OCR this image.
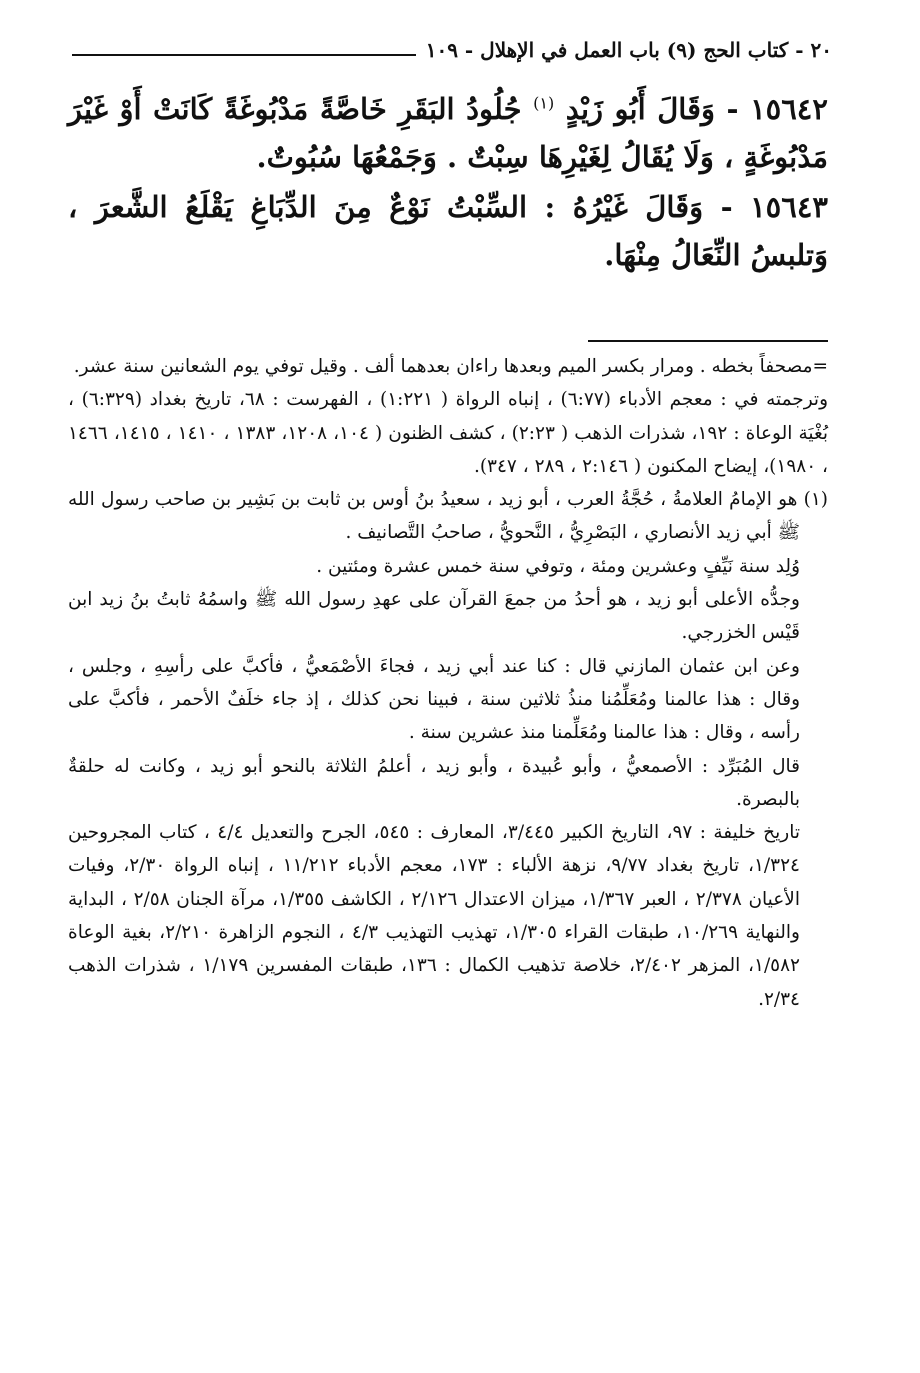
٢٠ - كتاب الحج (٩) باب العمل في الإهلال - ١٠٩

١٥٦٤٢ - وَقَالَ أَبُو زَيْدٍ $^{(١)}$ جُلُودُ البَقَرِ خَاصَّةً مَدْبُوغَةً كَانَتْ أَوْ غَيْرَ مَدْبُوغَةٍ ، وَلَا يُقَالُ لِغَيْرِهَا سِبْتٌ . وَجَمْعُهَا سُبُوتٌ.

١٥٦٤٣ - وَقَالَ غَيْرُهُ : السِّبْتُ نَوْعٌ مِنَ الدِّبَاغِ يَقْلَعُ الشَّعرَ ، وَتلبسُ النِّعَالُ مِنْهَا.

=مصحفاً بخطه . ومرار بكسر الميم وبعدها راءان بعدهما ألف . وقيل توفي يوم الشعانين سنة عشر.

وترجمته في : معجم الأدباء (٦:٧٧) ، إنباه الرواة ( ١:٢٢١) ، الفهرست : ٦٨، تاريخ بغداد (٦:٣٢٩) ، بُغْيَة الوعاة : ١٩٢، شذرات الذهب ( ٢:٢٣) ، كشف الظنون ( ١٠٤، ١٢٠٨، ١٣٨٣ ، ١٤١٠ ، ١٤١٥، ١٤٦٦ ، ١٩٨٠)، إيضاح المكنون ( ٢:١٤٦ ، ٢٨٩ ، ٣٤٧).

(١) هو الإمامُ العلامةُ ، حُجَّةُ العرب ، أبو زيد ، سعيدُ بنُ أوس بن ثابت بن بَشِير بن صاحب رسول الله ﷺ أبي زيد الأنصاري ، البَصْرِيُّ ، النَّحويُّ ، صاحبُ التَّصانيف .

وُلِد سنة نَيِّفٍ وعشرين ومئة ، وتوفي سنة خمس عشرة ومئتين .

وجدُّه الأعلى أبو زيد ، هو أحدُ من جمعَ القرآن على عهدِ رسول الله ﷺ واسمُهُ ثابتُ بنُ زيد ابن قَيْس الخزرجي.

وعن ابن عثمان المازني قال : كنا عند أبي زيد ، فجاءَ الأصْمَعيُّ ، فأكبَّ على رأسِهِ ، وجلس ، وقال : هذا عالمنا ومُعَلِّمُنا منذُ ثلاثين سنة ، فبينا نحن كذلك ، إذ جاء خلَفٌ الأحمر ، فأكبَّ على رأسه ، وقال : هذا عالمنا ومُعَلِّمنا منذ عشرين سنة .

قال المُبَرِّد : الأصمعيُّ ، وأبو عُبيدة ، وأبو زيد ، أعلمُ الثلاثة بالنحو أبو زيد ، وكانت له حلقةٌ بالبصرة.

تاريخ خليفة : ٩٧، التاريخ الكبير ٣/٤٤٥، المعارف : ٥٤٥، الجرح والتعديل ٤/٤ ، كتاب المجروحين ١/٣٢٤، تاريخ بغداد ٩/٧٧، نزهة الألباء : ١٧٣، معجم الأدباء ١١/٢١٢ ، إنباه الرواة ٢/٣٠، وفيات الأعيان ٢/٣٧٨ ، العبر ١/٣٦٧، ميزان الاعتدال ٢/١٢٦ ، الكاشف ١/٣٥٥، مرآة الجنان ٢/٥٨ ، البداية والنهاية ١٠/٢٦٩، طبقات القراء ١/٣٠٥، تهذيب التهذيب ٤/٣ ، النجوم الزاهرة ٢/٢١٠، بغية الوعاة ١/٥٨٢، المزهر ٢/٤٠٢، خلاصة تذهيب الكمال : ١٣٦، طبقات المفسرين ١/١٧٩ ، شذرات الذهب ٢/٣٤.
